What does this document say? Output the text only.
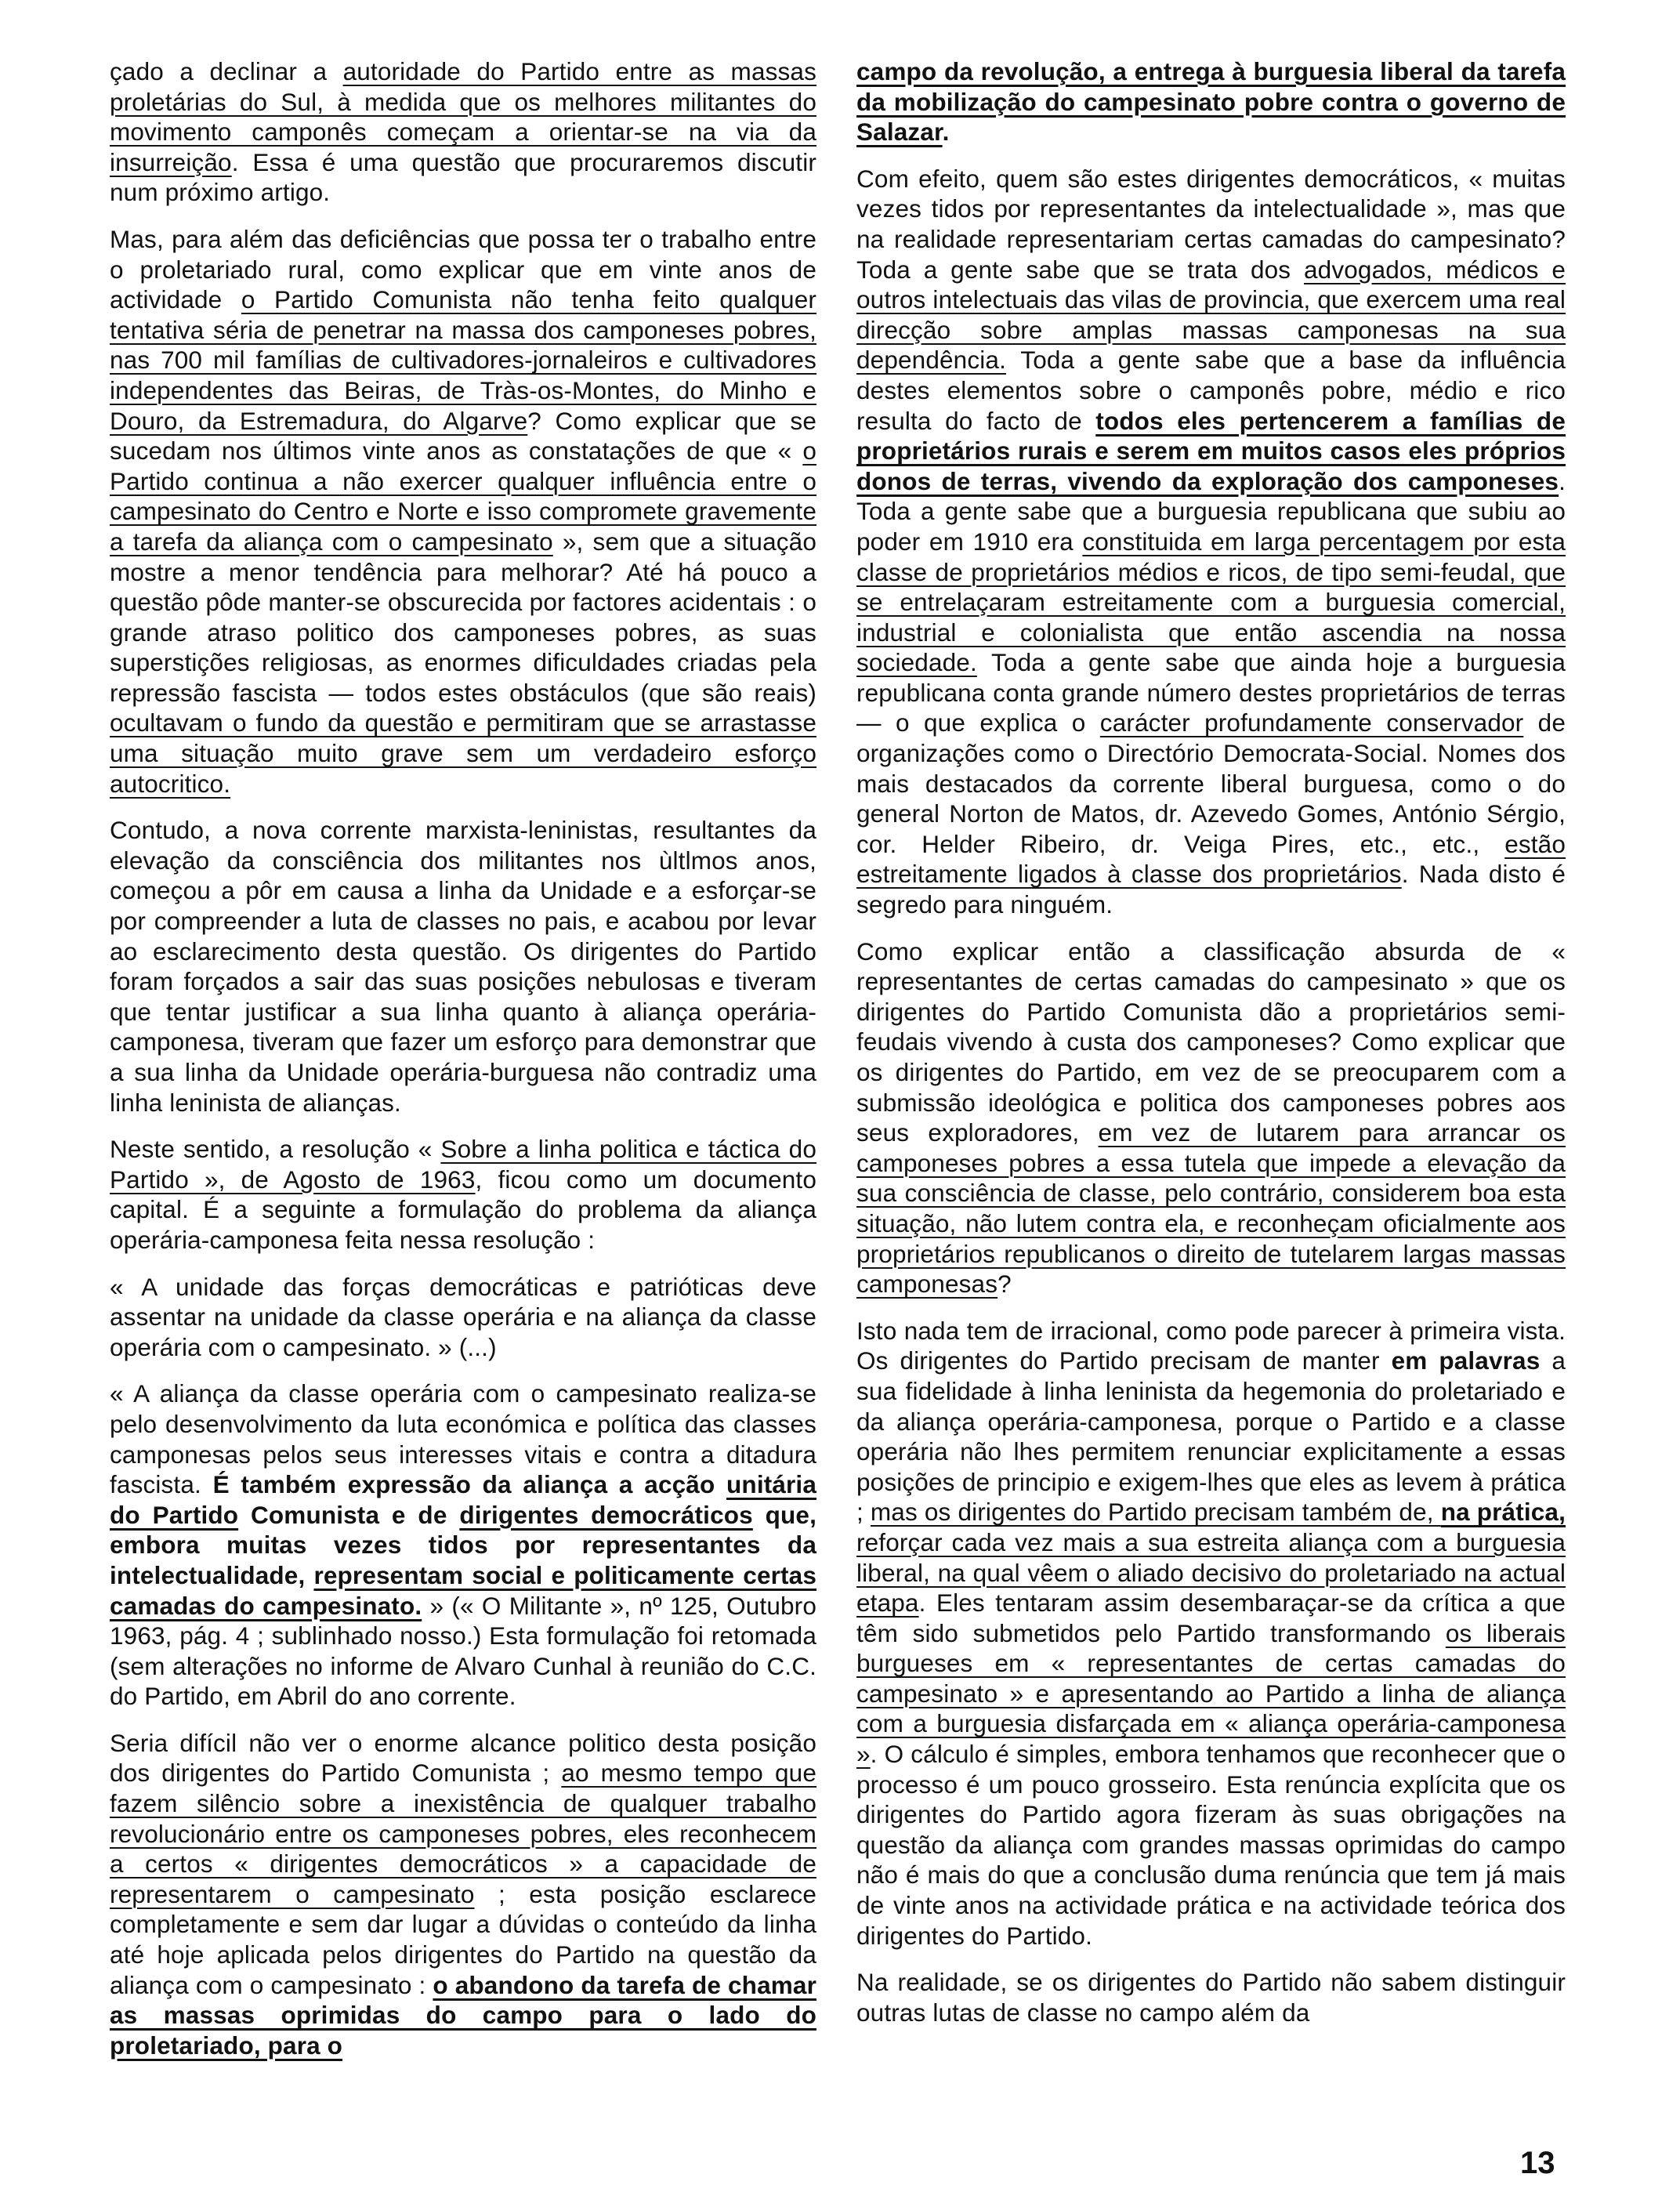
çado a declinar a autoridade do Partido entre as massas proletárias do Sul, à medida que os melhores militantes do movimento camponês começam a orientar-se na via da insurreição. Essa é uma questão que procuraremos discutir num próximo artigo.

Mas, para além das deficiências que possa ter o trabalho entre o proletariado rural, como explicar que em vinte anos de actividade o Partido Comunista não tenha feito qualquer tentativa séria de penetrar na massa dos camponeses pobres, nas 700 mil famílias de cultivadores-jornaleiros e cultivadores independentes das Beiras, de Tràs-os-Montes, do Minho e Douro, da Estremadura, do Algarve? Como explicar que se sucedam nos últimos vinte anos as constatações de que « o Partido continua a não exercer qualquer influência entre o campesinato do Centro e Norte e isso compromete gravemente a tarefa da aliança com o campesinato », sem que a situação mostre a menor tendência para melhorar? Até há pouco a questão pôde manter-se obscurecida por factores acidentais : o grande atraso politico dos camponeses pobres, as suas superstições religiosas, as enormes dificuldades criadas pela repressão fascista — todos estes obstáculos (que são reais) ocultavam o fundo da questão e permitiram que se arrastasse uma situação muito grave sem um verdadeiro esforço autocritico.

Contudo, a nova corrente marxista-leninistas, resultantes da elevação da consciência dos militantes nos ùltlmos anos, começou a pôr em causa a linha da Unidade e a esforçar-se por compreender a luta de classes no pais, e acabou por levar ao esclarecimento desta questão. Os dirigentes do Partido foram forçados a sair das suas posições nebulosas e tiveram que tentar justificar a sua linha quanto à aliança operária-camponesa, tiveram que fazer um esforço para demonstrar que a sua linha da Unidade operária-burguesa não contradiz uma linha leninista de alianças.

Neste sentido, a resolução « Sobre a linha politica e táctica do Partido », de Agosto de 1963, ficou como um documento capital. É a seguinte a formulação do problema da aliança operária-camponesa feita nessa resolução :

« A unidade das forças democráticas e patrióticas deve assentar na unidade da classe operária e na aliança da classe operária com o campesinato. » (...)

« A aliança da classe operária com o campesinato realiza-se pelo desenvolvimento da luta económica e política das classes camponesas pelos seus interesses vitais e contra a ditadura fascista. É também expressão da aliança a acção unitária do Partido Comunista e de dirigentes democráticos que, embora muitas vezes tidos por representantes da intelectualidade, representam social e politicamente certas camadas do campesinato. » (« O Militante », nº 125, Outubro 1963, pág. 4 ; sublinhado nosso.) Esta formulação foi retomada (sem alterações no informe de Alvaro Cunhal à reunião do C.C. do Partido, em Abril do ano corrente.

Seria difícil não ver o enorme alcance politico desta posição dos dirigentes do Partido Comunista ; ao mesmo tempo que fazem silêncio sobre a inexistência de qualquer trabalho revolucionário entre os camponeses pobres, eles reconhecem a certos « dirigentes democráticos » a capacidade de representarem o campesinato ; esta posição esclarece completamente e sem dar lugar a dúvidas o conteúdo da linha até hoje aplicada pelos dirigentes do Partido na questão da aliança com o campesinato : o abandono da tarefa de chamar as massas oprimidas do campo para o lado do proletariado, para o

campo da revolução, a entrega à burguesia liberal da tarefa da mobilização do campesinato pobre contra o governo de Salazar.

Com efeito, quem são estes dirigentes democráticos, « muitas vezes tidos por representantes da intelectualidade », mas que na realidade representariam certas camadas do campesinato? Toda a gente sabe que se trata dos advogados, médicos e outros intelectuais das vilas de provincia, que exercem uma real direcção sobre amplas massas camponesas na sua dependência. Toda a gente sabe que a base da influência destes elementos sobre o camponês pobre, médio e rico resulta do facto de todos eles pertencerem a famílias de proprietários rurais e serem em muitos casos eles próprios donos de terras, vivendo da exploração dos camponeses. Toda a gente sabe que a burguesia republicana que subiu ao poder em 1910 era constituida em larga percentagem por esta classe de proprietários médios e ricos, de tipo semi-feudal, que se entrelaçaram estreitamente com a burguesia comercial, industrial e colonialista que então ascendia na nossa sociedade. Toda a gente sabe que ainda hoje a burguesia republicana conta grande número destes proprietários de terras — o que explica o carácter profundamente conservador de organizações como o Directório Democrata-Social. Nomes dos mais destacados da corrente liberal burguesa, como o do general Norton de Matos, dr. Azevedo Gomes, António Sérgio, cor. Helder Ribeiro, dr. Veiga Pires, etc., etc., estão estreitamente ligados à classe dos proprietários. Nada disto é segredo para ninguém.

Como explicar então a classificação absurda de « representantes de certas camadas do campesinato » que os dirigentes do Partido Comunista dão a proprietários semi-feudais vivendo à custa dos camponeses? Como explicar que os dirigentes do Partido, em vez de se preocuparem com a submissão ideológica e politica dos camponeses pobres aos seus exploradores, em vez de lutarem para arrancar os camponeses pobres a essa tutela que impede a elevação da sua consciência de classe, pelo contrário, considerem boa esta situação, não lutem contra ela, e reconheçam oficialmente aos proprietários republicanos o direito de tutelarem largas massas camponesas?

Isto nada tem de irracional, como pode parecer à primeira vista. Os dirigentes do Partido precisam de manter em palavras a sua fidelidade à linha leninista da hegemonia do proletariado e da aliança operária-camponesa, porque o Partido e a classe operária não lhes permitem renunciar explicitamente a essas posições de principio e exigem-lhes que eles as levem à prática ; mas os dirigentes do Partido precisam também de, na prática, reforçar cada vez mais a sua estreita aliança com a burguesia liberal, na qual vêem o aliado decisivo do proletariado na actual etapa. Eles tentaram assim desembaraçar-se da crítica a que têm sido submetidos pelo Partido transformando os liberais burgueses em « representantes de certas camadas do campesinato » e apresentando ao Partido a linha de aliança com a burguesia disfarçada em « aliança operária-camponesa ». O cálculo é simples, embora tenhamos que reconhecer que o processo é um pouco grosseiro. Esta renúncia explícita que os dirigentes do Partido agora fizeram às suas obrigações na questão da aliança com grandes massas oprimidas do campo não é mais do que a conclusão duma renúncia que tem já mais de vinte anos na actividade prática e na actividade teórica dos dirigentes do Partido.

Na realidade, se os dirigentes do Partido não sabem distinguir outras lutas de classe no campo além da

13
